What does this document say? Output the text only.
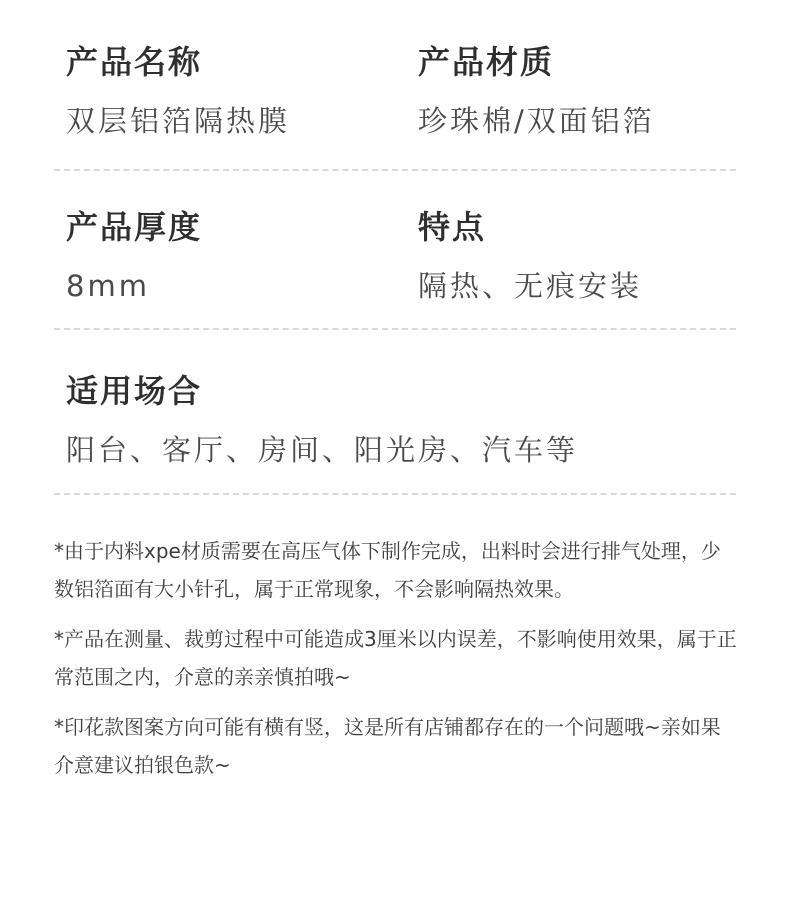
产品名称
双层铝箔隔热膜
产品材质
珍珠棉/双面铝箔
产品厚度
8mm
特点
隔热、无痕安装
适用场合
阳台、客厅、房间、阳光房、汽车等

*由于内料xpe材质需要在高压气体下制作完成，出料时会进行排气处理，少数铝箔面有大小针孔，属于正常现象，不会影响隔热效果。

*产品在测量、裁剪过程中可能造成3厘米以内误差，不影响使用效果，属于正常范围之内，介意的亲亲慎拍哦~

*印花款图案方向可能有横有竖，这是所有店铺都存在的一个问题哦~亲如果介意建议拍银色款~
